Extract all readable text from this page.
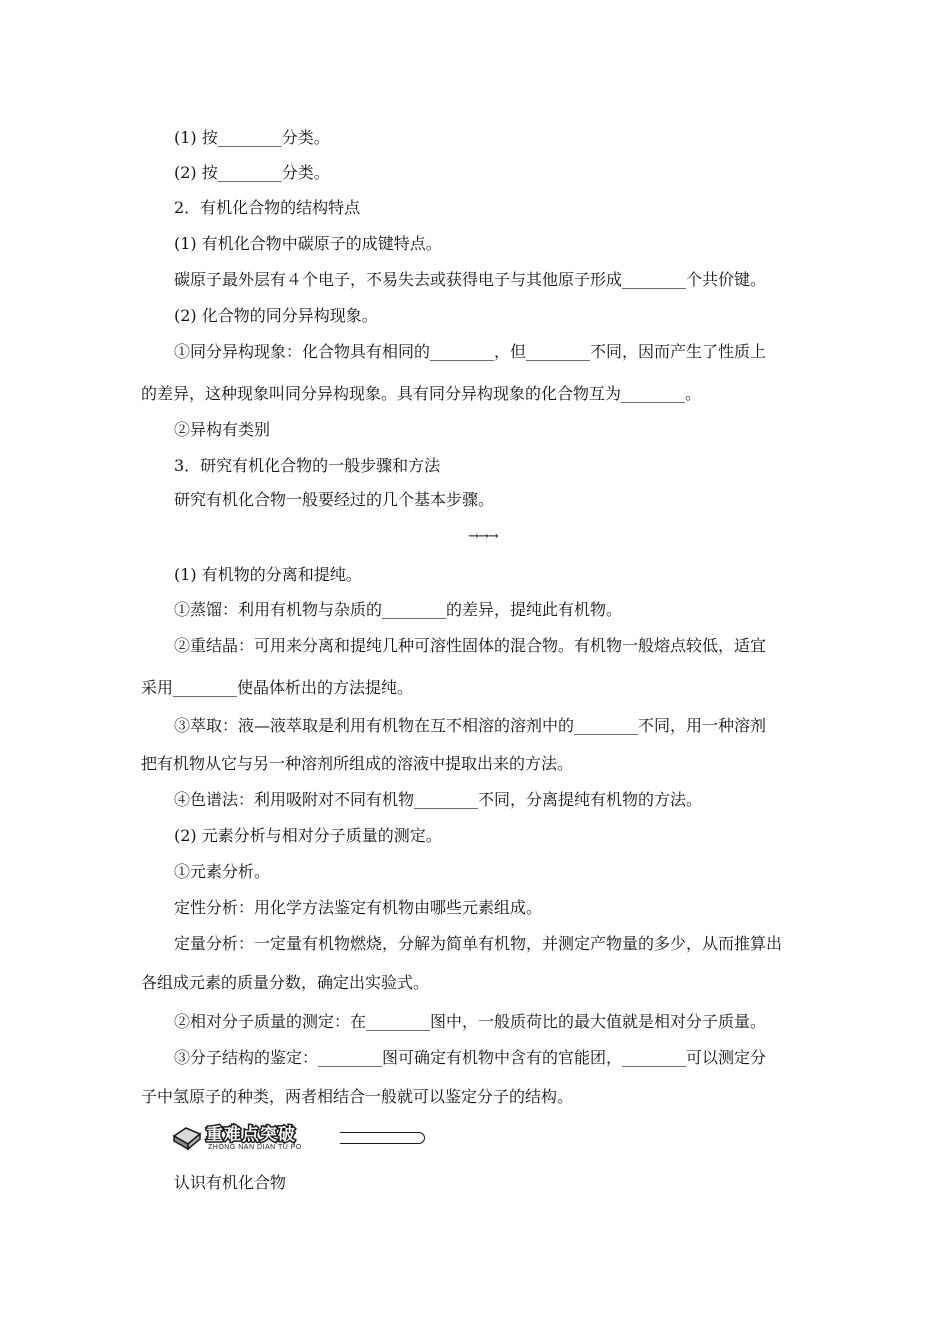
(1) 按________分类。
(2) 按________分类。
2．有机化合物的结构特点
(1) 有机化合物中碳原子的成键特点。
碳原子最外层有４个电子，不易失去或获得电子与其他原子形成________个共价键。
(2) 化合物的同分异构现象。
①同分异构现象：化合物具有相同的________，但________不同，因而产生了性质上
的差异，这种现象叫同分异构现象。具有同分异构现象的化合物互为________。
②异构有类别
3．研究有机化合物的一般步骤和方法
研究有机化合物一般要经过的几个基本步骤。
→→→
(1) 有机物的分离和提纯。
①蒸馏：利用有机物与杂质的________的差异，提纯此有机物。
②重结晶：可用来分离和提纯几种可溶性固体的混合物。有机物一般熔点较低，适宜
采用________使晶体析出的方法提纯。
③萃取：液—液萃取是利用有机物在互不相溶的溶剂中的________不同，用一种溶剂
把有机物从它与另一种溶剂所组成的溶液中提取出来的方法。
④色谱法：利用吸附对不同有机物________不同，分离提纯有机物的方法。
(2) 元素分析与相对分子质量的测定。
①元素分析。
定性分析：用化学方法鉴定有机物由哪些元素组成。
定量分析：一定量有机物燃烧，分解为简单有机物，并测定产物量的多少，从而推算出
各组成元素的质量分数，确定出实验式。
②相对分子质量的测定：在________图中，一般质荷比的最大值就是相对分子质量。
③分子结构的鉴定：________图可确定有机物中含有的官能团，________可以测定分
子中氢原子的种类，两者相结合一般就可以鉴定分子的结构。
重难点突破
ZHONG NAN DIAN TU PO
认识有机化合物
